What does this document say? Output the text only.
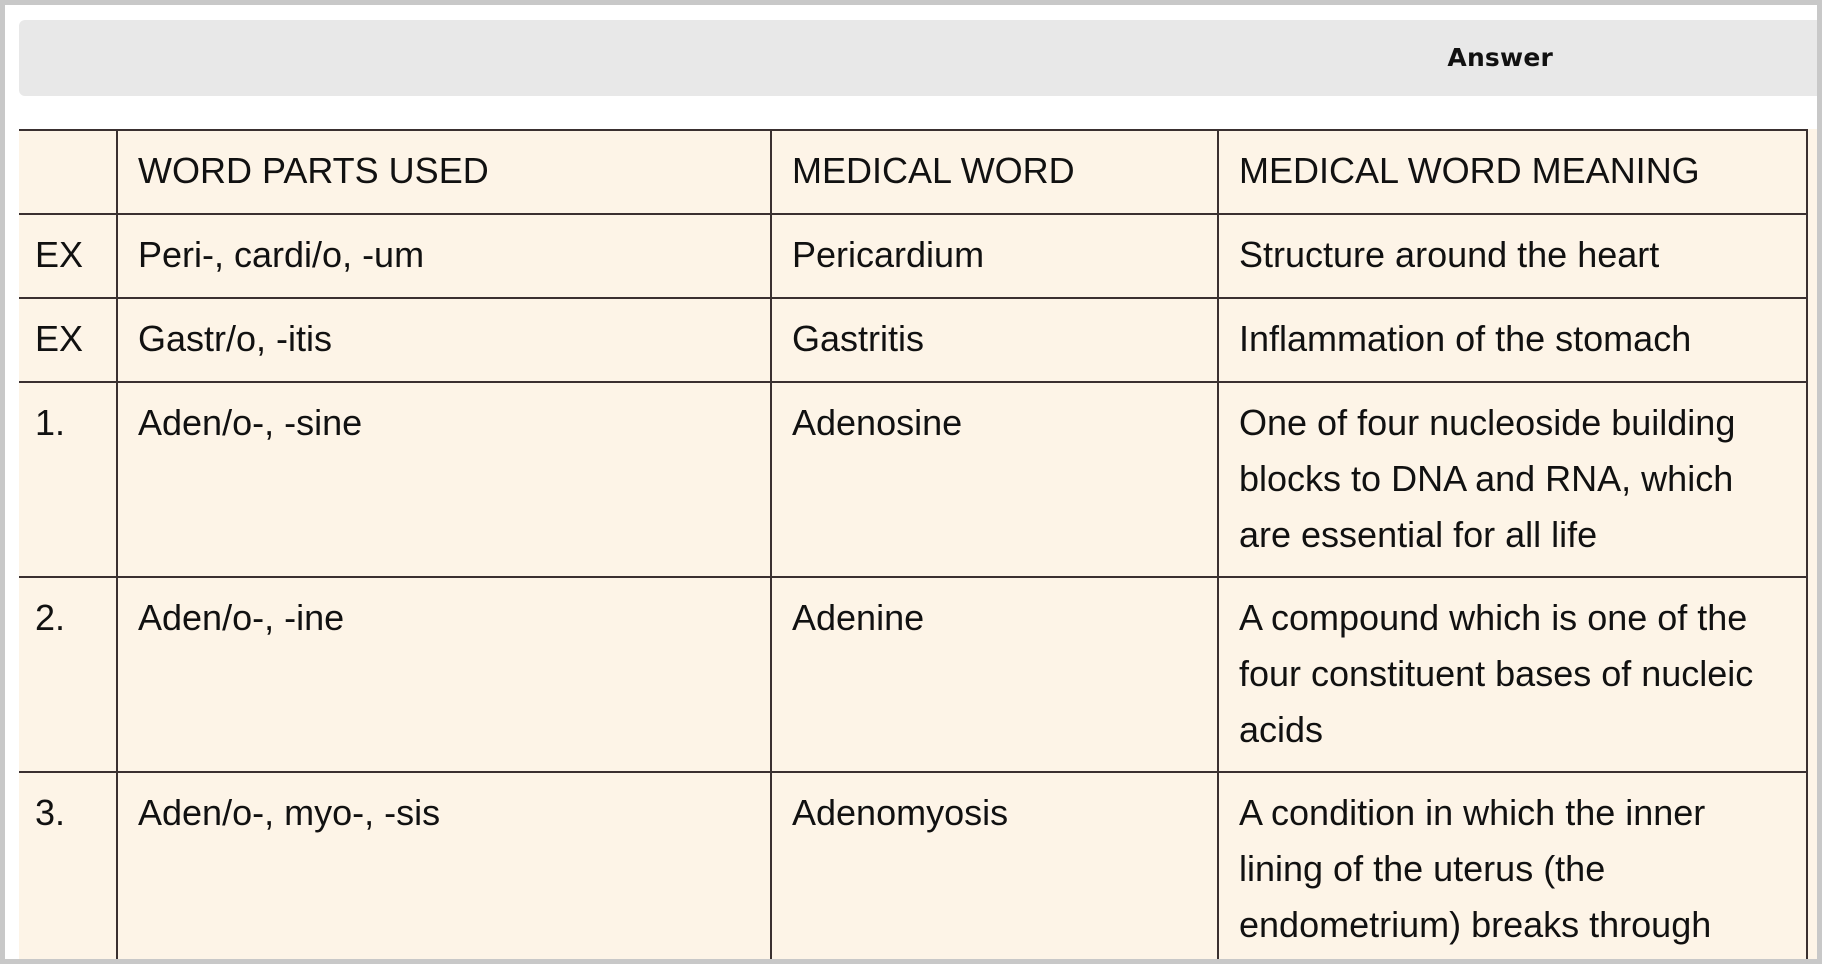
Answer
	WORD PARTS USED	MEDICAL WORD	MEDICAL WORD MEANING
EX	Peri-, cardi/o, -um	Pericardium	Structure around the heart
EX	Gastr/o, -itis	Gastritis	Inflammation of the stomach
1.	Aden/o-, -sine	Adenosine	One of four nucleoside building blocks to DNA and RNA, which are essential for all life
2.	Aden/o-, -ine	Adenine	A compound which is one of the four constituent bases of nucleic acids
3.	Aden/o-, myo-, -sis	Adenomyosis	A condition in which the inner lining of the uterus (the endometrium) breaks through
